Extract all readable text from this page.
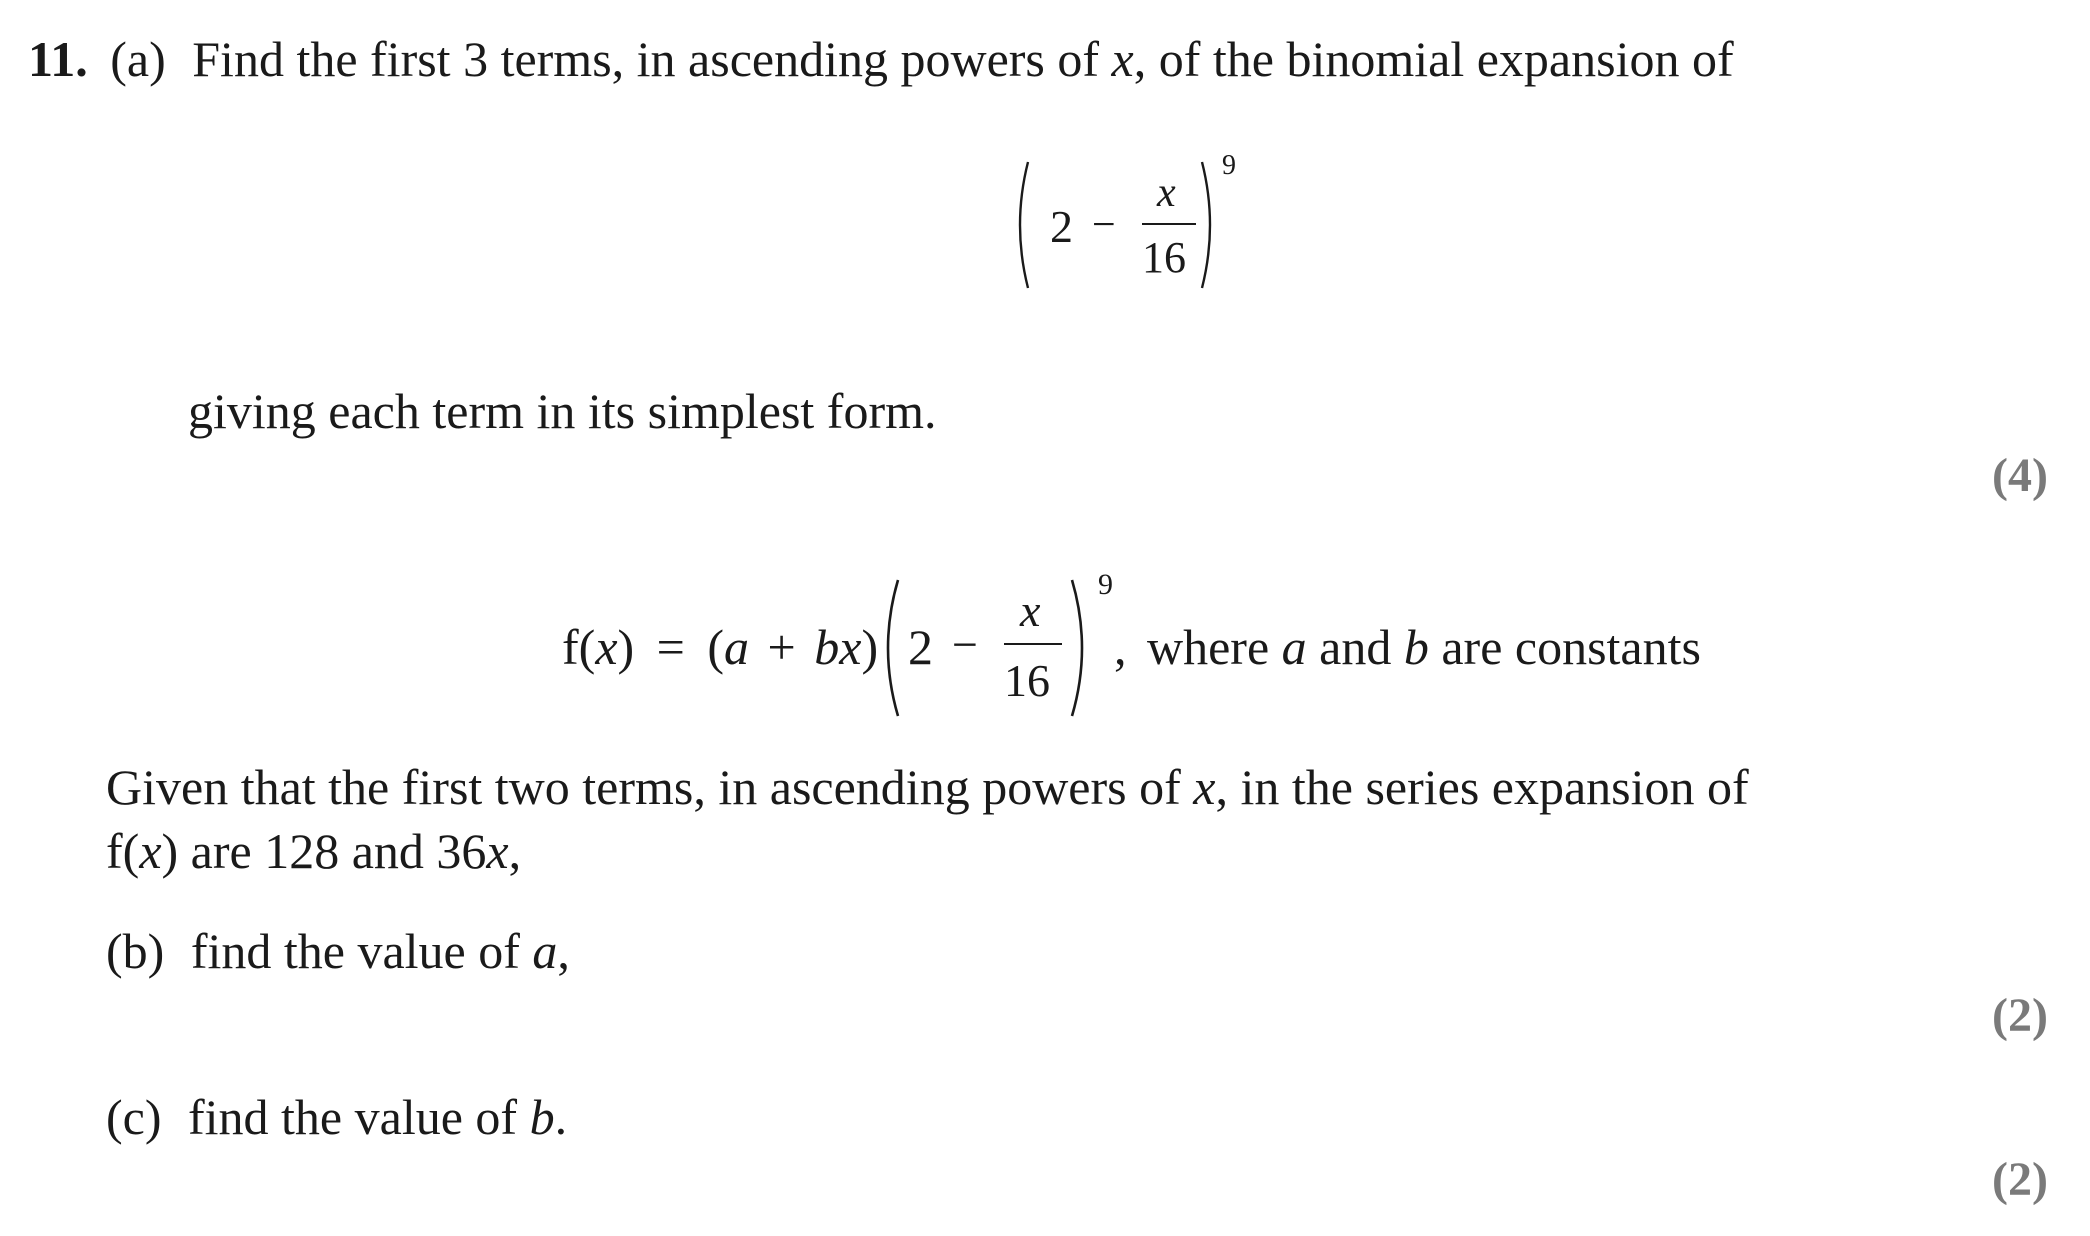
11. (a) Find the first 3 terms, in ascending powers of x, of the binomial expansion of
2 −
x
16
9
giving each term in its simplest form.
(4)
f(x) = (a + bx) 2 −
x
16
9
, where a and b are constants
Given that the first two terms, in ascending powers of x, in the series expansion of
f(x) are 128 and 36x,
(b) find the value of a,
(2)
(c) find the value of b.
(2)
